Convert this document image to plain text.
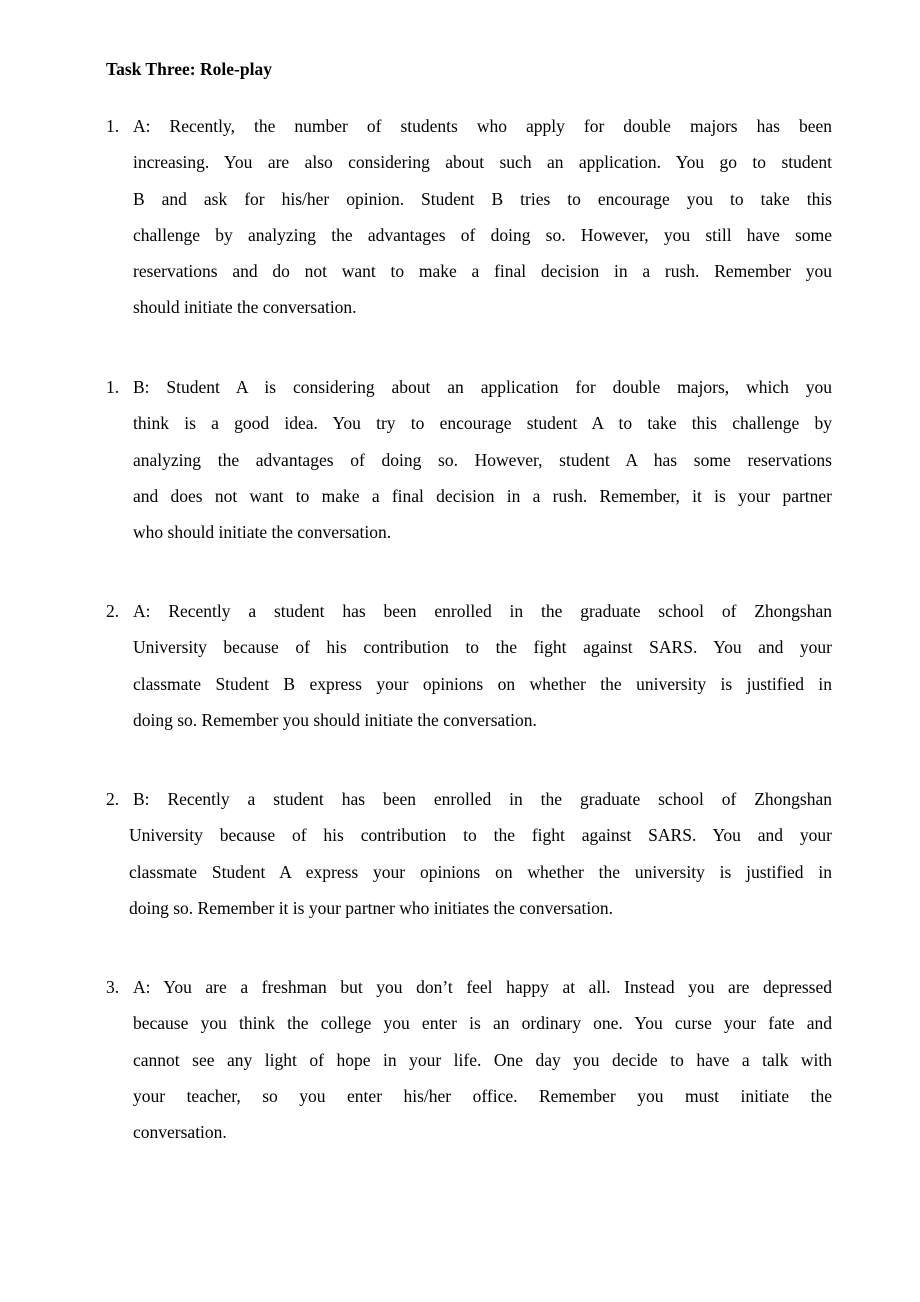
Task Three: Role-play
1. A: Recently, the number of students who apply for double majors has been
increasing. You are also considering about such an application. You go to student
B and ask for his/her opinion. Student B tries to encourage you to take this
challenge by analyzing the advantages of doing so. However, you still have some
reservations and do not want to make a final decision in a rush. Remember you
should initiate the conversation.
1. B: Student A is considering about an application for double majors, which you
think is a good idea. You try to encourage student A to take this challenge by
analyzing the advantages of doing so. However, student A has some reservations
and does not want to make a final decision in a rush. Remember, it is your partner
who should initiate the conversation.
2. A: Recently a student has been enrolled in the graduate school of Zhongshan
University because of his contribution to the fight against SARS. You and your
classmate Student B express your opinions on whether the university is justified in
doing so. Remember you should initiate the conversation.
2. B: Recently a student has been enrolled in the graduate school of Zhongshan
University because of his contribution to the fight against SARS. You and your
classmate Student A express your opinions on whether the university is justified in
doing so. Remember it is your partner who initiates the conversation.
3. A: You are a freshman but you don’t feel happy at all. Instead you are depressed
because you think the college you enter is an ordinary one. You curse your fate and
cannot see any light of hope in your life. One day you decide to have a talk with
your teacher, so you enter his/her office. Remember you must initiate the
conversation.
